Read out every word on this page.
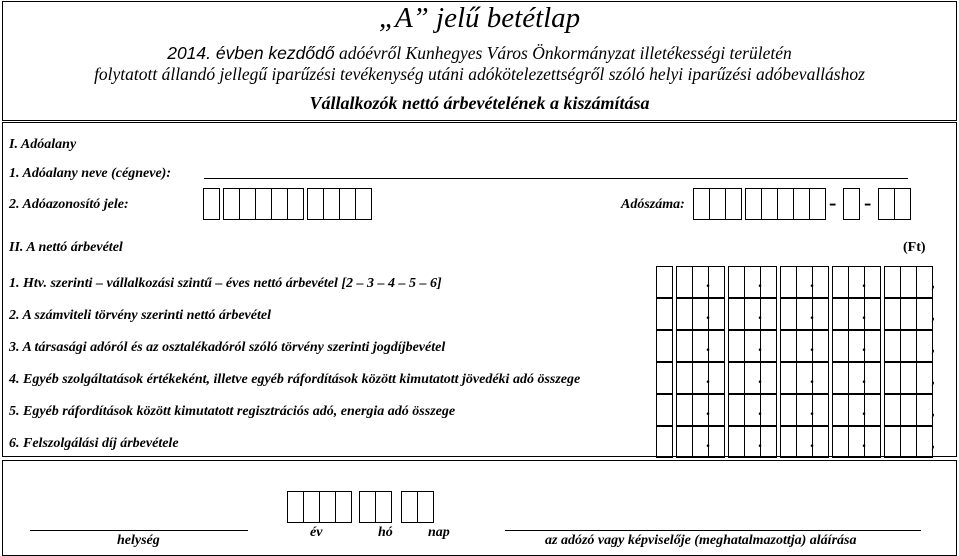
„A” jelű betétlap
2014. évben kezdődő adóévről Kunhegyes Város Önkormányzat illetékességi területén
folytatott állandó jellegű iparűzési tevékenység utáni adókötelezettségről szóló helyi iparűzési adóbevalláshoz
Vállalkozók nettó árbevételének a kiszámítása
I. Adóalany
1. Adóalany neve (cégneve):
2. Adóazonosító jele:	Adószáma:	- -
II. A nettó árbevétel	(Ft)
1. Htv. szerinti – vállalkozási szintű – éves nettó árbevétel [2 – 3 – 4 – 5 – 6]	.	.	.	.	,
2. A számviteli törvény szerinti nettó árbevétel	.	.	.	.	,
3. A társasági adóról és az osztalékadóról szóló törvény szerinti jogdíjbevétel	.	.	.	.	,
4. Egyéb szolgáltatások értékeként, illetve egyéb ráfordítások között kimutatott jövedéki adó összege	.	.	.	.	,
5. Egyéb ráfordítások között kimutatott regisztrációs adó, energia adó összege	.	.	.	.	,
6. Felszolgálási díj árbevétele	.	.	.	.	,
helység
év	hó	nap
az adózó vagy képviselője (meghatalmazottja) aláírása
